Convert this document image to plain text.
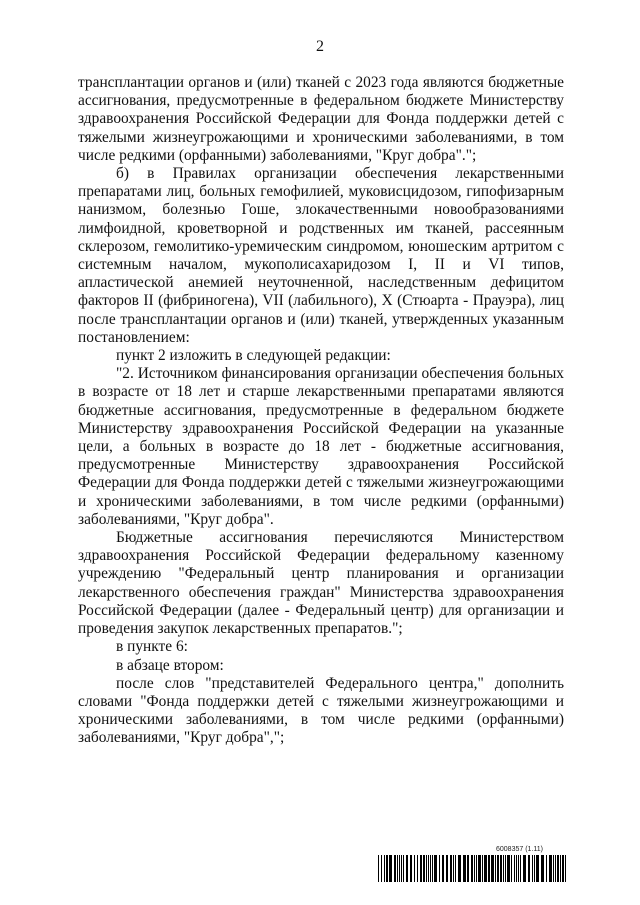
2

трансплантации органов и (или) тканей с 2023 года являются бюджетные ассигнования, предусмотренные в федеральном бюджете Министерству здравоохранения Российской Федерации для Фонда поддержки детей с тяжелыми жизнеугрожающими и хроническими заболеваниями, в том числе редкими (орфанными) заболеваниями, "Круг добра".";

б) в Правилах организации обеспечения лекарственными препаратами лиц, больных гемофилией, муковисцидозом, гипофизарным нанизмом, болезнью Гоше, злокачественными новообразованиями лимфоидной, кроветворной и родственных им тканей, рассеянным склерозом, гемолитико-уремическим синдромом, юношеским артритом с системным началом, мукополисахаридозом I, II и VI типов, апластической анемией неуточненной, наследственным дефицитом факторов II (фибриногена), VII (лабильного), X (Стюарта - Прауэра), лиц после трансплантации органов и (или) тканей, утвержденных указанным постановлением:

пункт 2 изложить в следующей редакции:

"2. Источником финансирования организации обеспечения больных в возрасте от 18 лет и старше лекарственными препаратами являются бюджетные ассигнования, предусмотренные в федеральном бюджете Министерству здравоохранения Российской Федерации на указанные цели, а больных в возрасте до 18 лет - бюджетные ассигнования, предусмотренные Министерству здравоохранения Российской Федерации для Фонда поддержки детей с тяжелыми жизнеугрожающими и хроническими заболеваниями, в том числе редкими (орфанными) заболеваниями, "Круг добра".

Бюджетные ассигнования перечисляются Министерством здравоохранения Российской Федерации федеральному казенному учреждению "Федеральный центр планирования и организации лекарственного обеспечения граждан" Министерства здравоохранения Российской Федерации (далее - Федеральный центр) для организации и проведения закупок лекарственных препаратов.";

в пункте 6:

в абзаце втором:

после слов "представителей Федерального центра," дополнить словами "Фонда поддержки детей с тяжелыми жизнеугрожающими и хроническими заболеваниями, в том числе редкими (орфанными) заболеваниями, "Круг добра",";

6008357 (1.11)
